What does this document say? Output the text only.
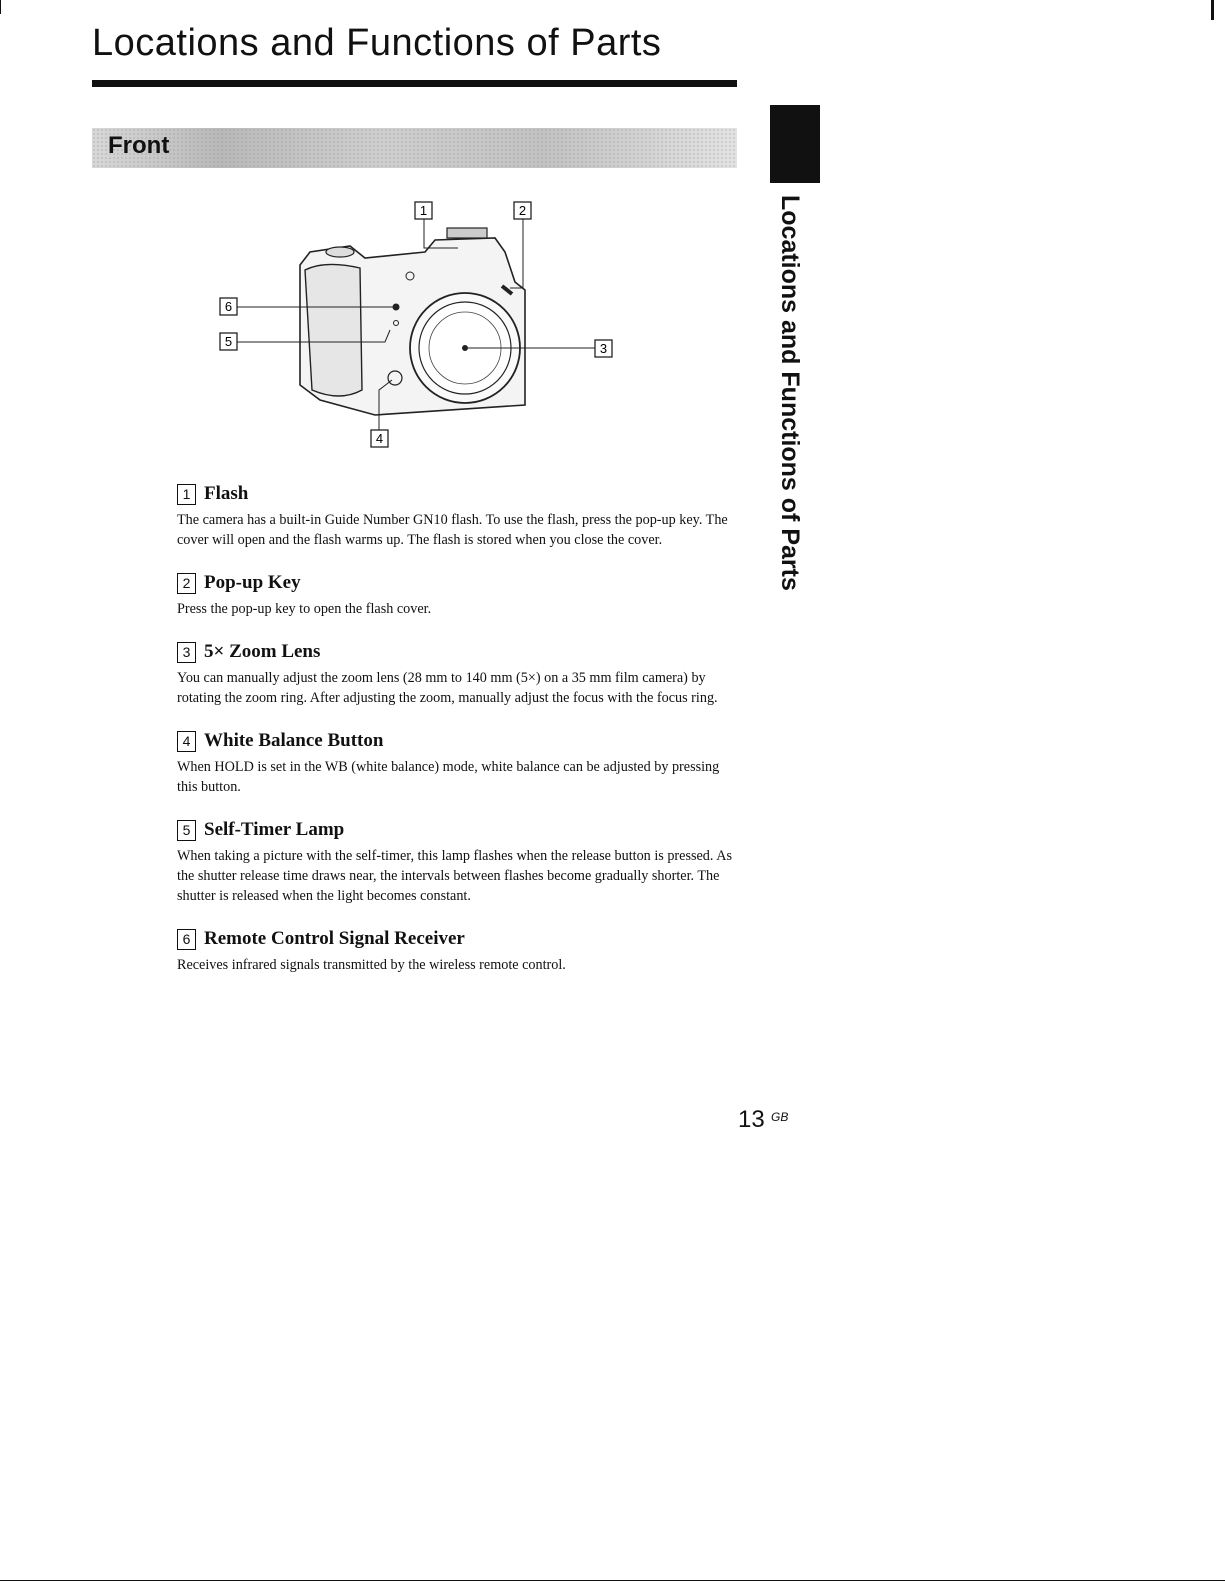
Locations and Functions of Parts
Front
Locations and Functions of Parts
1	2
3
4
5
6
1 Flash

The camera has a built-in Guide Number GN10 flash. To use the flash, press the pop-up key. The cover will open and the flash warms up. The flash is stored when you close the cover.

2 Pop-up Key

Press the pop-up key to open the flash cover.

3 5× Zoom Lens

You can manually adjust the zoom lens (28 mm to 140 mm (5×) on a 35 mm film camera) by rotating the zoom ring. After adjusting the zoom, manually adjust the focus with the focus ring.

4 White Balance Button

When HOLD is set in the WB (white balance) mode, white balance can be adjusted by pressing this button.

5 Self-Timer Lamp

When taking a picture with the self-timer, this lamp flashes when the release button is pressed. As the shutter release time draws near, the intervals between flashes become gradually shorter. The shutter is released when the light becomes constant.

6 Remote Control Signal Receiver

Receives infrared signals transmitted by the wireless remote control.

13 GB
